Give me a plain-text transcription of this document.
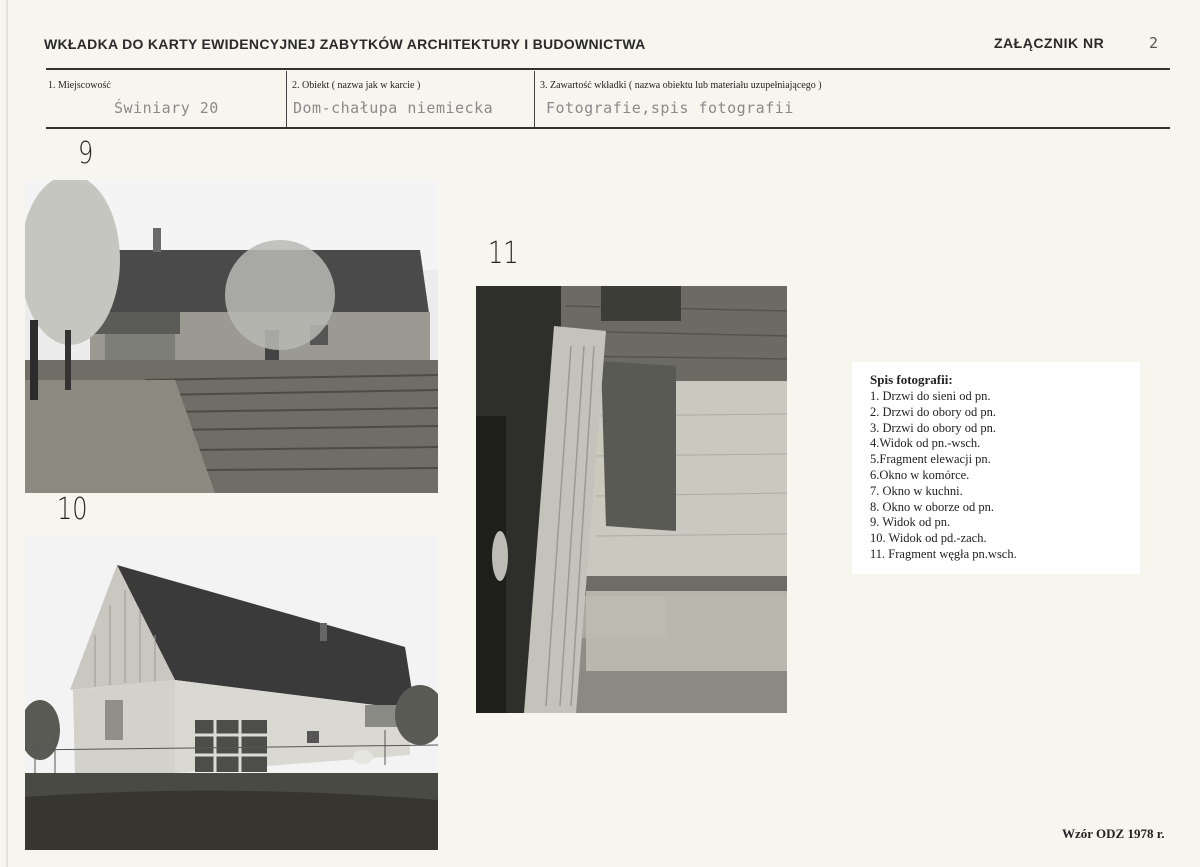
WKŁADKA DO KARTY EWIDENCYJNEJ ZABYTKÓW ARCHITEKTURY I BUDOWNICTWA	ZAŁĄCZNIK NR	2
1. Miejscowość
Świniary 20
2. Obiekt ( nazwa jak w karcie )
Dom-chałupa niemiecka
3. Zawartość wkładki ( nazwa obiektu lub materiału uzupełniającego )
Fotografie,spis fotografii
9
10
11
Spis fotografii:
1. Drzwi do sieni od pn.
2. Drzwi do obory od pn.
3. Drzwi do obory od pn.
4.Widok od pn.-wsch.
5.Fragment elewacji pn.
6.Okno w komórce.
7. Okno w kuchni.
8. Okno w oborze od pn.
9. Widok od pn.
10. Widok od pd.-zach.
11. Fragment węgła pn.wsch.
Wzór ODZ 1978 r.
